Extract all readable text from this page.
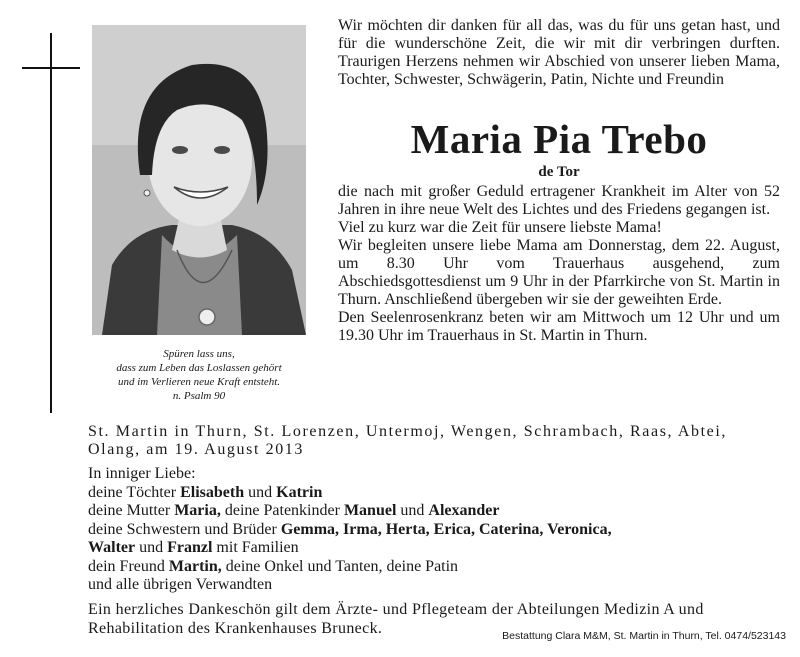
Spüren lass uns,
dass zum Leben das Loslassen gehört
und im Verlieren neue Kraft entsteht.
n. Psalm 90
Wir möchten dir danken für all das, was du für uns getan hast, und für die wunderschöne Zeit, die wir mit dir verbringen durften. Traurigen Herzens nehmen wir Abschied von unserer lieben Mama, Tochter, Schwester, Schwägerin, Patin, Nichte und Freundin
Maria Pia Trebo
de Tor

die nach mit großer Geduld ertragener Krankheit im Alter von 52 Jahren in ihre neue Welt des Lichtes und des Friedens gegangen ist.

Viel zu kurz war die Zeit für unsere liebste Mama!

Wir begleiten unsere liebe Mama am Donnerstag, dem 22. August, um 8.30 Uhr vom Trauerhaus ausgehend, zum Abschiedsgottesdienst um 9 Uhr in der Pfarrkirche von St. Martin in Thurn. Anschließend übergeben wir sie der geweihten Erde.

Den Seelenrosenkranz beten wir am Mittwoch um 12 Uhr und um 19.30 Uhr im Trauerhaus in St. Martin in Thurn.

St. Martin in Thurn, St. Lorenzen, Untermoj, Wengen, Schrambach, Raas, Abtei, Olang, am 19. August 2013
In inniger Liebe:
deine Töchter Elisabeth und Katrin
deine Mutter Maria, deine Patenkinder Manuel und Alexander
deine Schwestern und Brüder Gemma, Irma, Herta, Erica, Caterina, Veronica,
Walter und Franzl mit Familien
dein Freund Martin, deine Onkel und Tanten, deine Patin
und alle übrigen Verwandten
Ein herzliches Dankeschön gilt dem Ärzte- und Pflegeteam der Abteilungen Medizin A und Rehabilitation des Krankenhauses Bruneck.	Bestattung Clara M&M, St. Martin in Thurn, Tel. 0474/523143
